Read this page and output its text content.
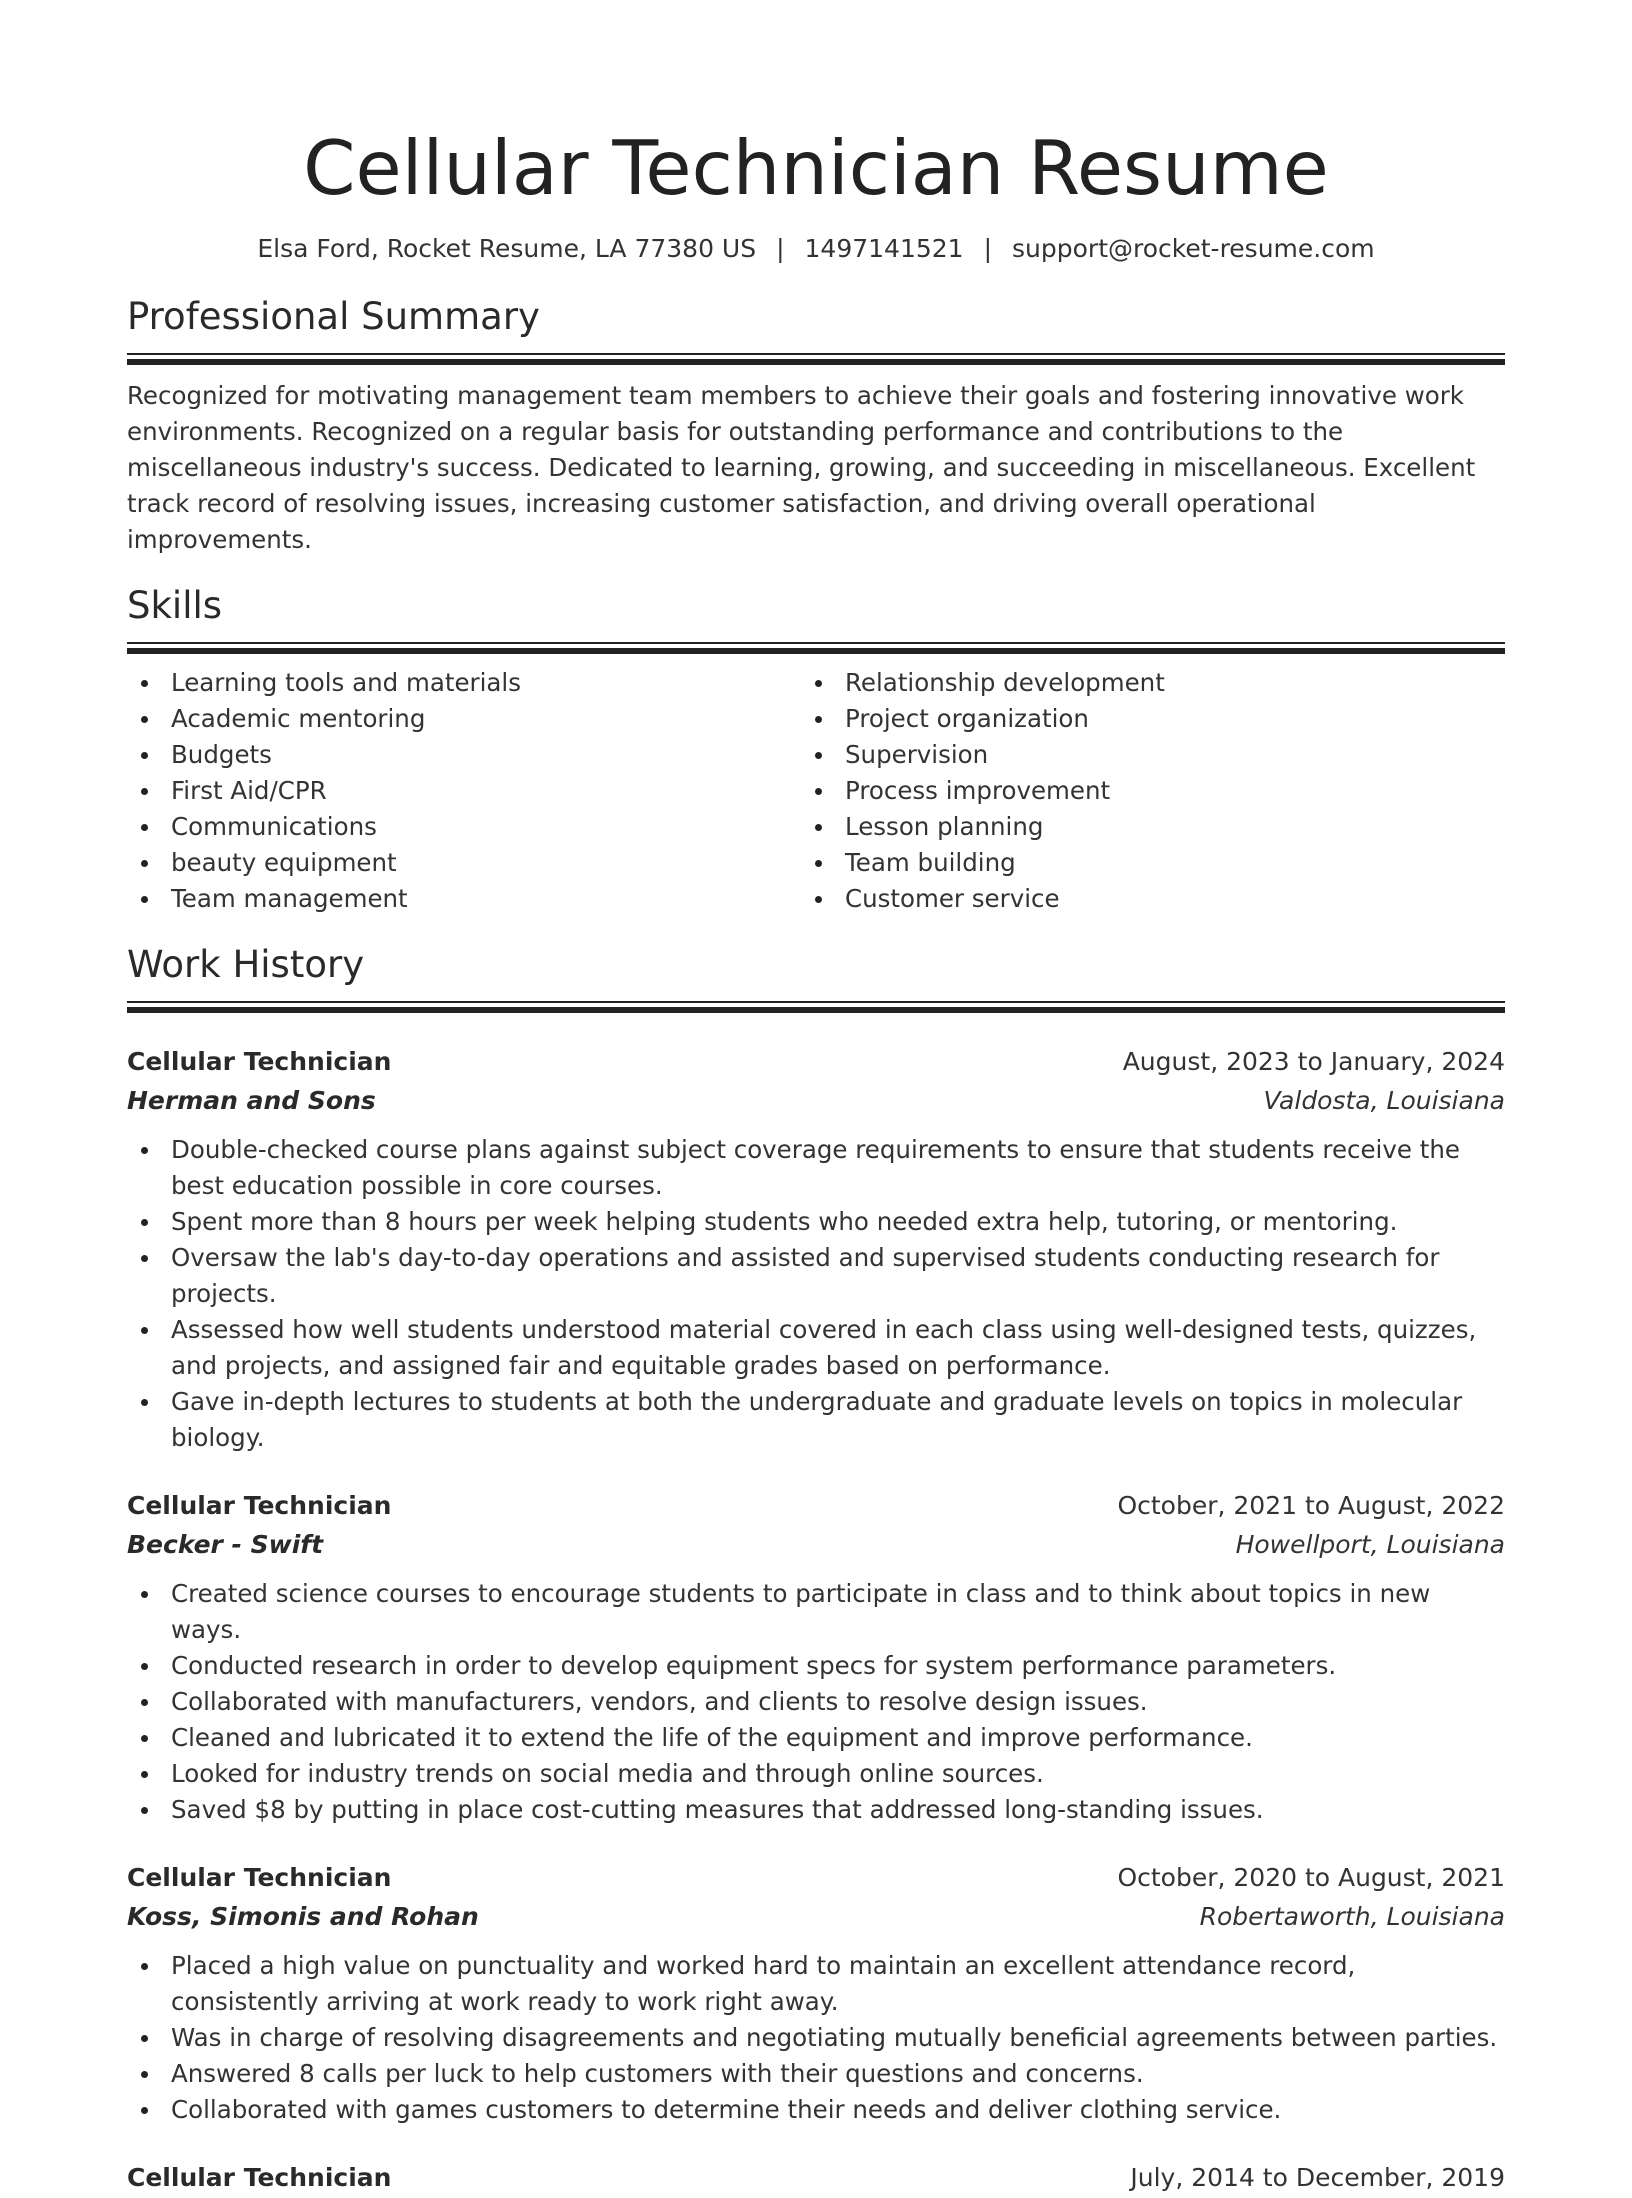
Cellular Technician Resume
Elsa Ford, Rocket Resume, LA 77380 US | 1497141521 | support@rocket-resume.com
Professional Summary

Recognized for motivating management team members to achieve their goals and fostering innovative work environments. Recognized on a regular basis for outstanding performance and contributions to the miscellaneous industry's success. Dedicated to learning, growing, and succeeding in miscellaneous. Excellent track record of resolving issues, increasing customer satisfaction, and driving overall operational improvements.

Skills
Learning tools and materials
Academic mentoring
Budgets
First Aid/CPR
Communications
beauty equipment
Team management
Relationship development
Project organization
Supervision
Process improvement
Lesson planning
Team building
Customer service
Work History
Cellular Technician	August, 2023 to January, 2024
Herman and Sons	Valdosta, Louisiana
Double-checked course plans against subject coverage requirements to ensure that students receive the best education possible in core courses.
Spent more than 8 hours per week helping students who needed extra help, tutoring, or mentoring.
Oversaw the lab's day-to-day operations and assisted and supervised students conducting research for projects.
Assessed how well students understood material covered in each class using well-designed tests, quizzes, and projects, and assigned fair and equitable grades based on performance.
Gave in-depth lectures to students at both the undergraduate and graduate levels on topics in molecular biology.
Cellular Technician	October, 2021 to August, 2022
Becker - Swift	Howellport, Louisiana
Created science courses to encourage students to participate in class and to think about topics in new ways.
Conducted research in order to develop equipment specs for system performance parameters.
Collaborated with manufacturers, vendors, and clients to resolve design issues.
Cleaned and lubricated it to extend the life of the equipment and improve performance.
Looked for industry trends on social media and through online sources.
Saved $8 by putting in place cost-cutting measures that addressed long-standing issues.
Cellular Technician	October, 2020 to August, 2021
Koss, Simonis and Rohan	Robertaworth, Louisiana
Placed a high value on punctuality and worked hard to maintain an excellent attendance record, consistently arriving at work ready to work right away.
Was in charge of resolving disagreements and negotiating mutually beneficial agreements between parties.
Answered 8 calls per luck to help customers with their questions and concerns.
Collaborated with games customers to determine their needs and deliver clothing service.
Cellular Technician	July, 2014 to December, 2019
